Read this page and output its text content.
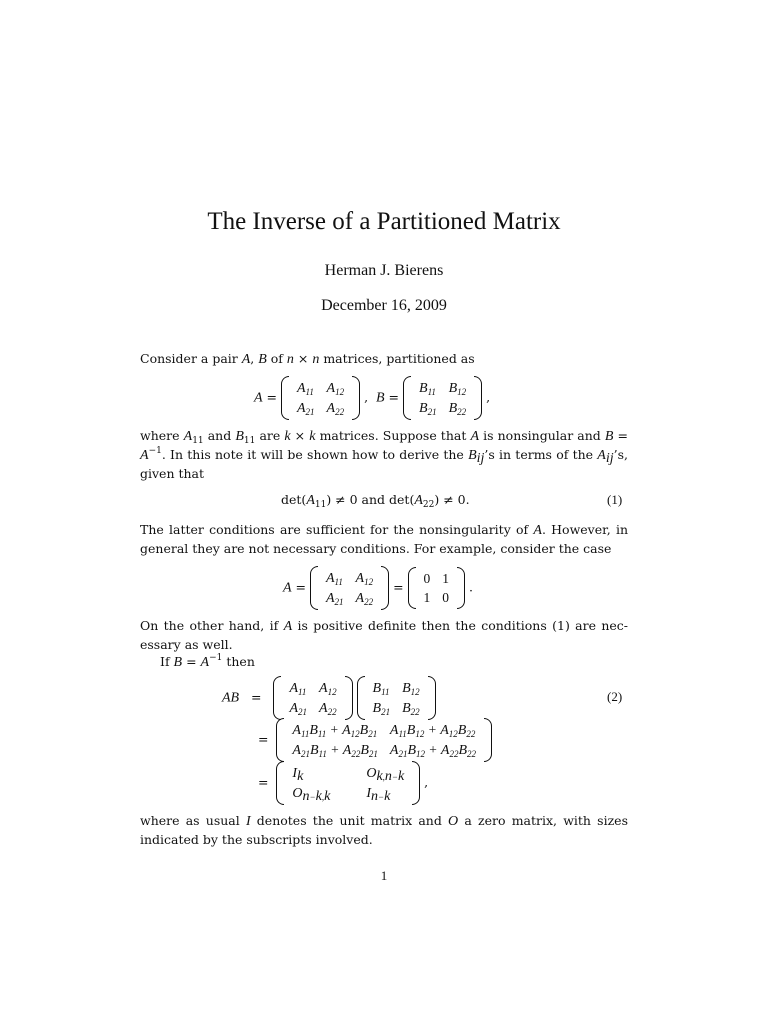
The Inverse of a Partitioned Matrix
Herman J. Bierens
December 16, 2009
Consider a pair A, B of n × n matrices, partitioned as
A =
$A_{11}$	$A_{12}$
$A_{21}$	$A_{22}$
,  B =
$B_{11}$	$B_{12}$
$B_{21}$	$B_{22}$
,
where $A_{11}$ and $B_{11}$ are k × k matrices. Suppose that A is nonsingular and $B = A^{-1}$. In this note it will be shown how to derive the $B_{ij}’s$ in terms of the $A_{ij}’s$, given that
$\det(A_{11}) \ne 0$ and $\det(A_{22}) \ne 0$.	(1)
The latter conditions are sufficient for the nonsingularity of A. However, in general they are not necessary conditions. For example, consider the case
A =
$A_{11}$	$A_{12}$
$A_{21}$	$A_{22}$
=
0	1
1	0
.
On the other hand, if A is positive definite then the conditions (1) are nec- essary as well.
If $B = A^{-1}$ then
AB   =
$A_{11}$	$A_{12}$
$A_{21}$	$A_{22}$

$B_{11}$	$B_{12}$
$B_{21}$	$B_{22}$
(2)
=
$A_{11}B_{11} + A_{12}B_{21}$	$A_{11}B_{12} + A_{12}B_{22}$
$A_{21}B_{11} + A_{22}B_{21}$	$A_{21}B_{12} + A_{22}B_{22}$
=
$I_k$	$O_{k,n-k}$
$O_{n-k,k}$	$I_{n-k}$
,
where as usual I denotes the unit matrix and O a zero matrix, with sizes indicated by the subscripts involved.
1
